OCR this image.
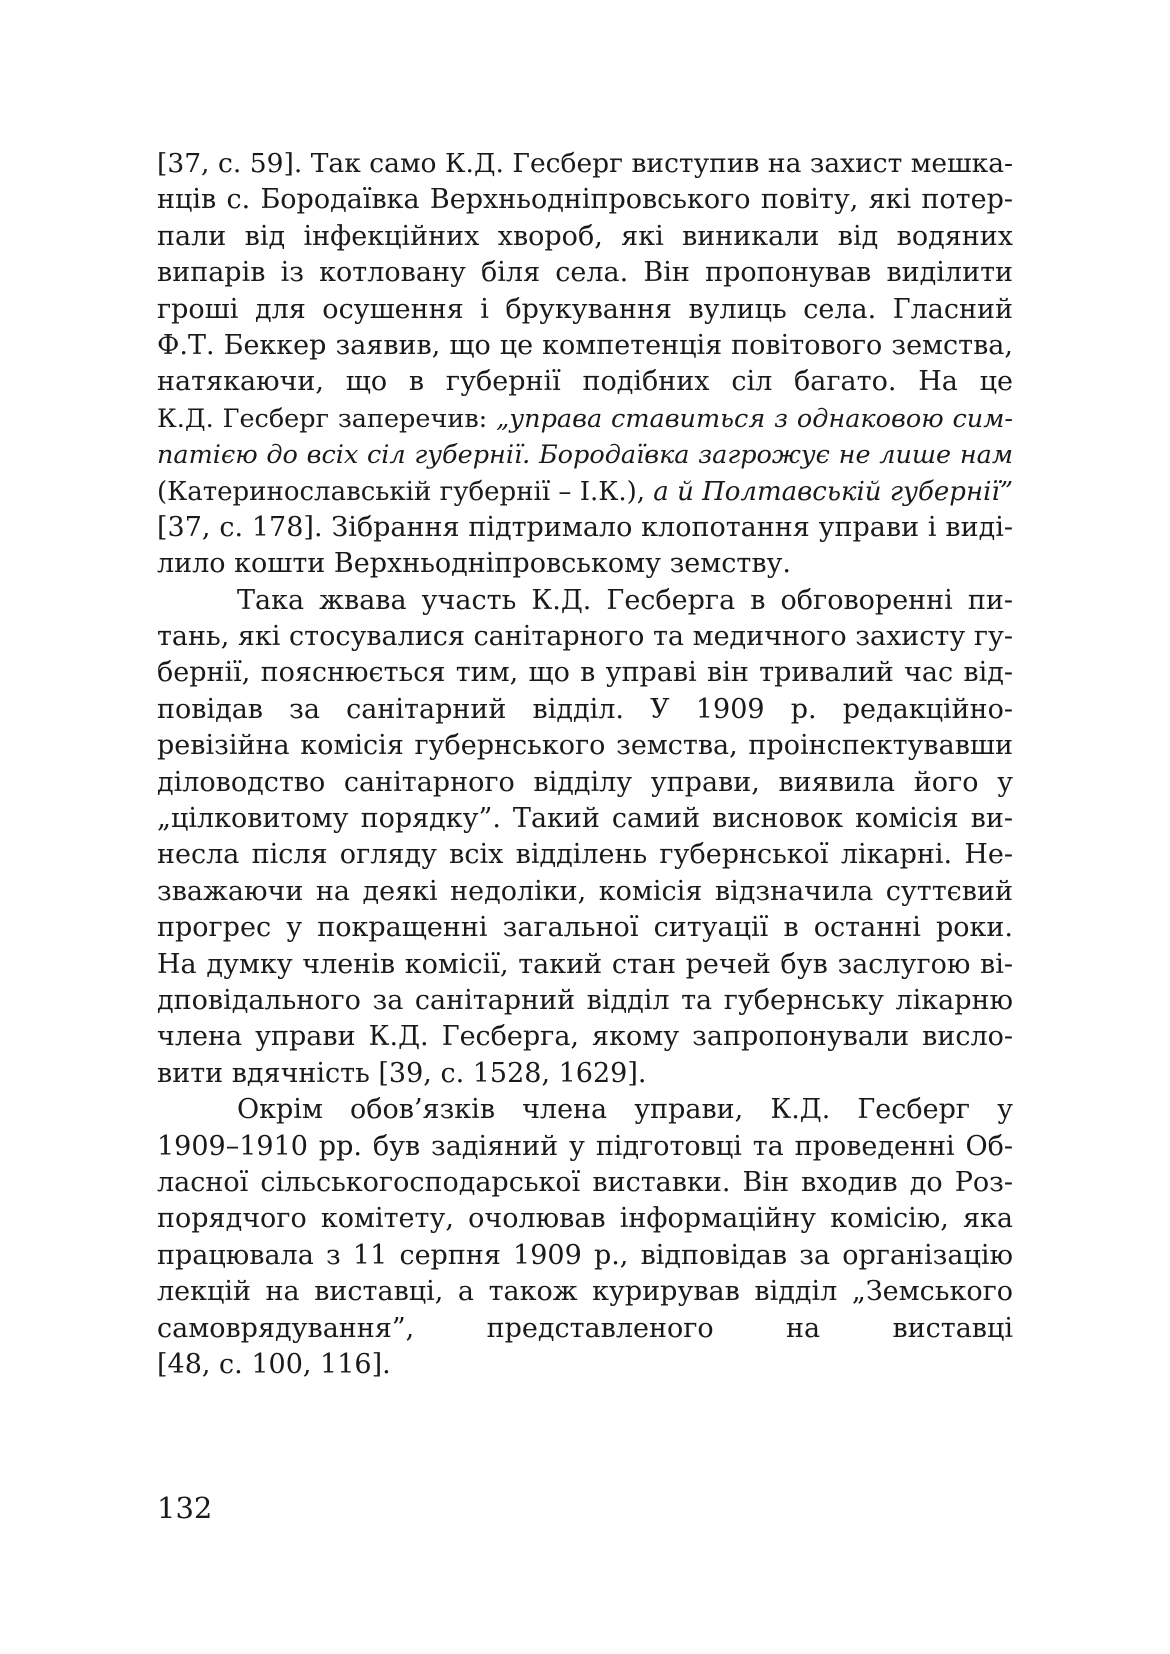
[37, с. 59]. Так само К.Д. Гесберг виступив на захист мешка-
нців с. Бородаївка Верхньодніпровського повіту, які потер-
пали від інфекційних хвороб, які виникали від водяних
випарів із котловану біля села. Він пропонував виділити
гроші для осушення і брукування вулиць села. Гласний
Ф.Т. Беккер заявив, що це компетенція повітового земства,
натякаючи, що в губернії подібних сіл багато. На це
К.Д. Гесберг заперечив: „управа ставиться з однаковою сим-
патією до всіх сіл губернії. Бородаївка загрожує не лише нам
(Катеринославській губернії – І.К.), а й Полтавській губернії”
[37, с. 178]. Зібрання підтримало клопотання управи і виді-
лило кошти Верхньодніпровському земству.
Така жвава участь К.Д. Гесберга в обговоренні пи-
тань, які стосувалися санітарного та медичного захисту гу-
бернії, пояснюється тим, що в управі він тривалий час від-
повідав за санітарний відділ. У 1909 р. редакційно-
ревізійна комісія губернського земства, проінспектувавши
діловодство санітарного відділу управи, виявила його у
„цілковитому порядку”. Такий самий висновок комісія ви-
несла після огляду всіх відділень губернської лікарні. Не-
зважаючи на деякі недоліки, комісія відзначила суттєвий
прогрес у покращенні загальної ситуації в останні роки.
На думку членів комісії, такий стан речей був заслугою ві-
дповідального за санітарний відділ та губернську лікарню
члена управи К.Д. Гесберга, якому запропонували вислo-
вити вдячність [39, с. 1528, 1629].
Окрім обов’язків члена управи, К.Д. Гесберг у
1909–1910 рр. був задіяний у підготовці та проведенні Об-
ласної сільськогосподарської виставки. Він входив до Роз-
порядчого комітету, очолював інформаційну комісію, яка
працювала з 11 серпня 1909 р., відповідав за організацію
лекцій на виставці, а також курирував відділ „Земського
самоврядування”, представленого на виставці
[48, с. 100, 116].
132
